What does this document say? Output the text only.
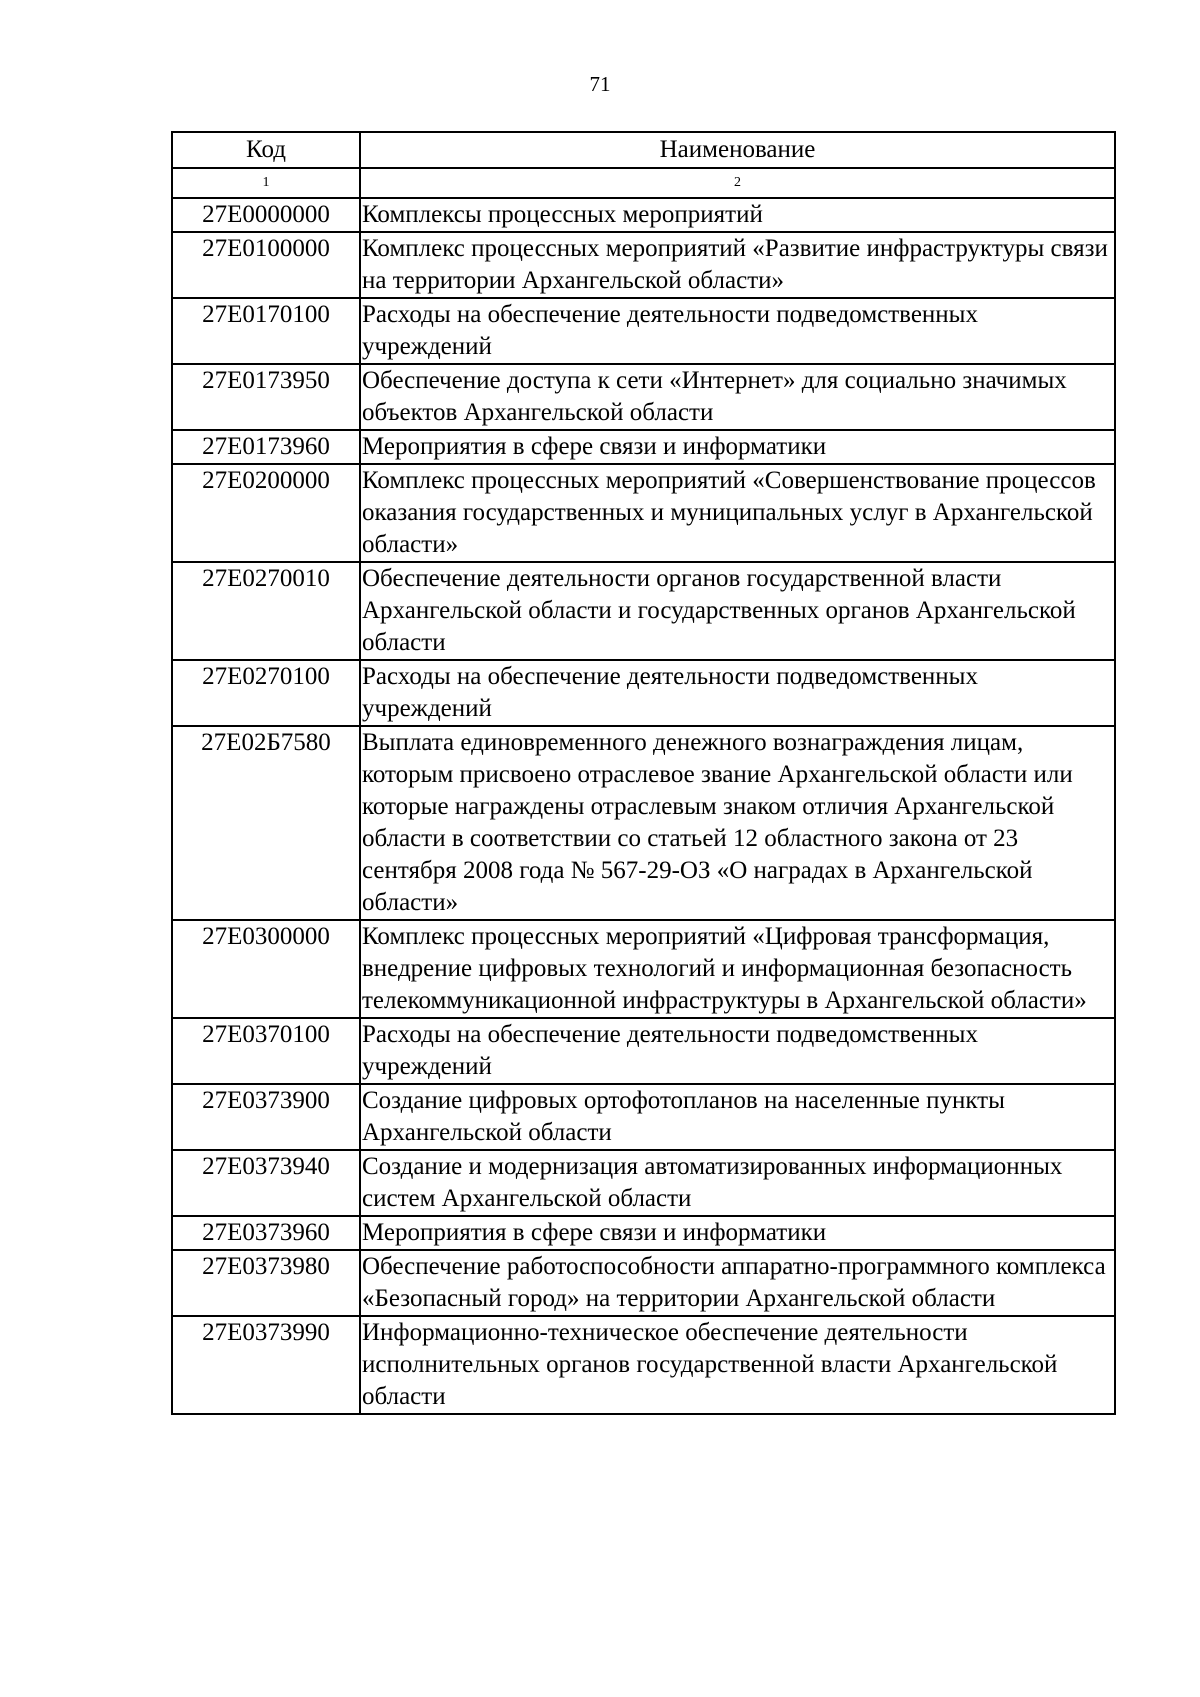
71
Код	Наименование
1	2
27Е0000000	Комплексы процессных мероприятий
27Е0100000	Комплекс процессных мероприятий «Развитие инфраструктуры связи на территории Архангельской области»
27Е0170100	Расходы на обеспечение деятельности подведомственных учреждений
27Е0173950	Обеспечение доступа к сети «Интернет» для социально значимых объектов Архангельской области
27Е0173960	Мероприятия в сфере связи и информатики
27Е0200000	Комплекс процессных мероприятий «Совершенствование процессов оказания государственных и муниципальных услуг в Архангельской области»
27Е0270010	Обеспечение деятельности органов государственной власти Архангельской области и государственных органов Архангельской области
27Е0270100	Расходы на обеспечение деятельности подведомственных учреждений
27Е02Б7580	Выплата единовременного денежного вознаграждения лицам, которым присвоено отраслевое звание Архангельской области или которые награждены отраслевым знаком отличия Архангельской области в соответствии со статьей 12 областного закона от 23 сентября 2008 года № 567-29-ОЗ «О наградах в Архангельской области»
27Е0300000	Комплекс процессных мероприятий «Цифровая трансформация, внедрение цифровых технологий и информационная безопасность телекоммуникационной инфраструктуры в Архангельской области»
27Е0370100	Расходы на обеспечение деятельности подведомственных учреждений
27Е0373900	Создание цифровых ортофотопланов на населенные пункты Архангельской области
27Е0373940	Создание и модернизация автоматизированных информационных систем Архангельской области
27Е0373960	Мероприятия в сфере связи и информатики
27Е0373980	Обеспечение работоспособности аппаратно-программного комплекса «Безопасный город» на территории Архангельской области
27Е0373990	Информационно-техническое обеспечение деятельности исполнительных органов государственной власти Архангельской области
